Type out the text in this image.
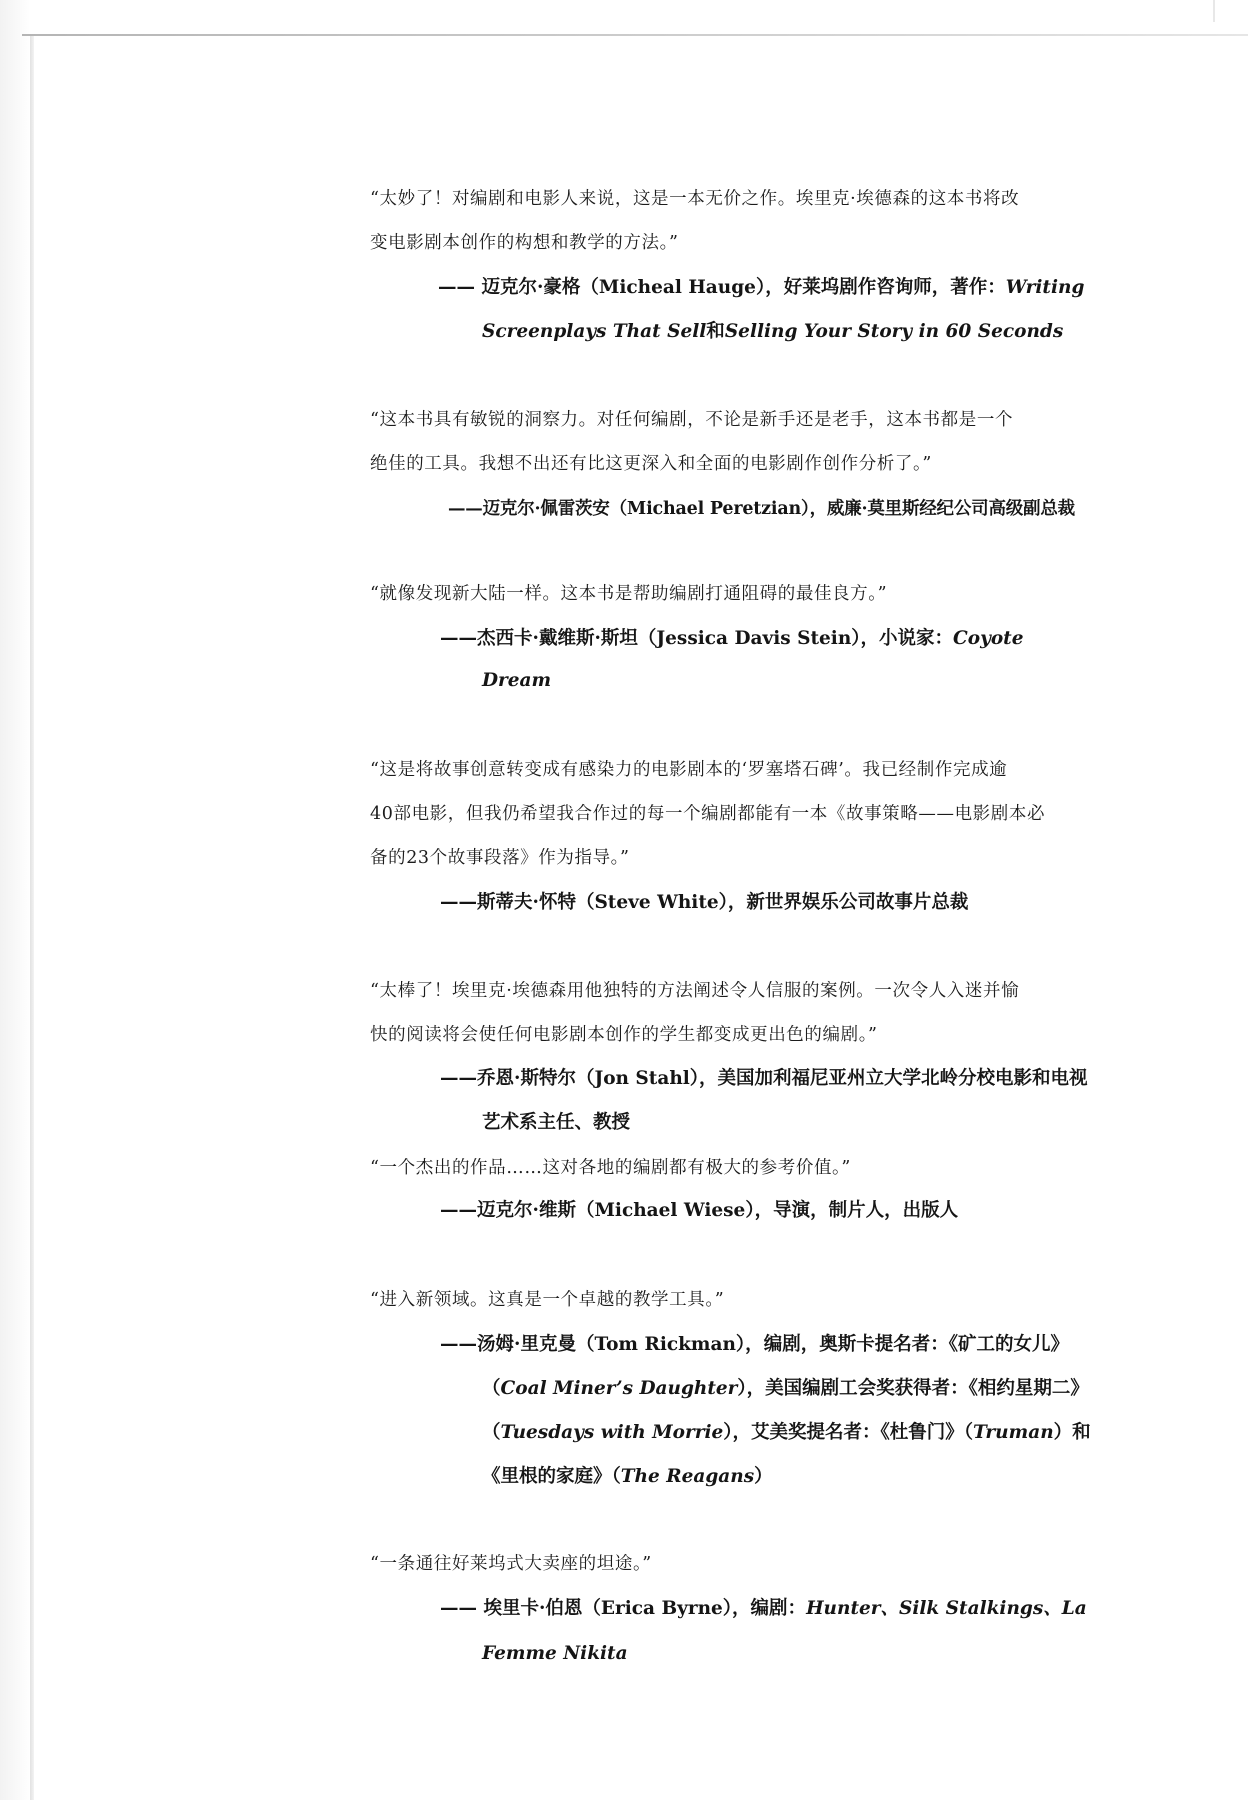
“太妙了！对编剧和电影人来说，这是一本无价之作。埃里克·埃德森的这本书将改
变电影剧本创作的构想和教学的方法。”
—— 迈克尔·豪格（Micheal Hauge），好莱坞剧作咨询师，著作：Writing
Screenplays That Sell和Selling Your Story in 60 Seconds
“这本书具有敏锐的洞察力。对任何编剧，不论是新手还是老手，这本书都是一个
绝佳的工具。我想不出还有比这更深入和全面的电影剧作创作分析了。”
——迈克尔·佩雷茨安（Michael Peretzian），威廉·莫里斯经纪公司高级副总裁
“就像发现新大陆一样。这本书是帮助编剧打通阻碍的最佳良方。”
——杰西卡·戴维斯·斯坦（Jessica Davis Stein），小说家：Coyote
Dream
“这是将故事创意转变成有感染力的电影剧本的‘罗塞塔石碑’。我已经制作完成逾
40部电影，但我仍希望我合作过的每一个编剧都能有一本《故事策略——电影剧本必
备的23个故事段落》作为指导。”
——斯蒂夫·怀特（Steve White），新世界娱乐公司故事片总裁
“太棒了！埃里克·埃德森用他独特的方法阐述令人信服的案例。一次令人入迷并愉
快的阅读将会使任何电影剧本创作的学生都变成更出色的编剧。”
——乔恩·斯特尔（Jon Stahl），美国加利福尼亚州立大学北岭分校电影和电视
艺术系主任、教授
“一个杰出的作品……这对各地的编剧都有极大的参考价值。”
——迈克尔·维斯（Michael Wiese），导演，制片人，出版人
“进入新领域。这真是一个卓越的教学工具。”
——汤姆·里克曼（Tom Rickman），编剧，奥斯卡提名者：《矿工的女儿》
（Coal Miner’s Daughter），美国编剧工会奖获得者：《相约星期二》
（Tuesdays with Morrie），艾美奖提名者：《杜鲁门》（Truman）和
《里根的家庭》（The Reagans）
“一条通往好莱坞式大卖座的坦途。”
—— 埃里卡·伯恩（Erica Byrne），编剧：Hunter、Silk Stalkings、La
Femme Nikita
